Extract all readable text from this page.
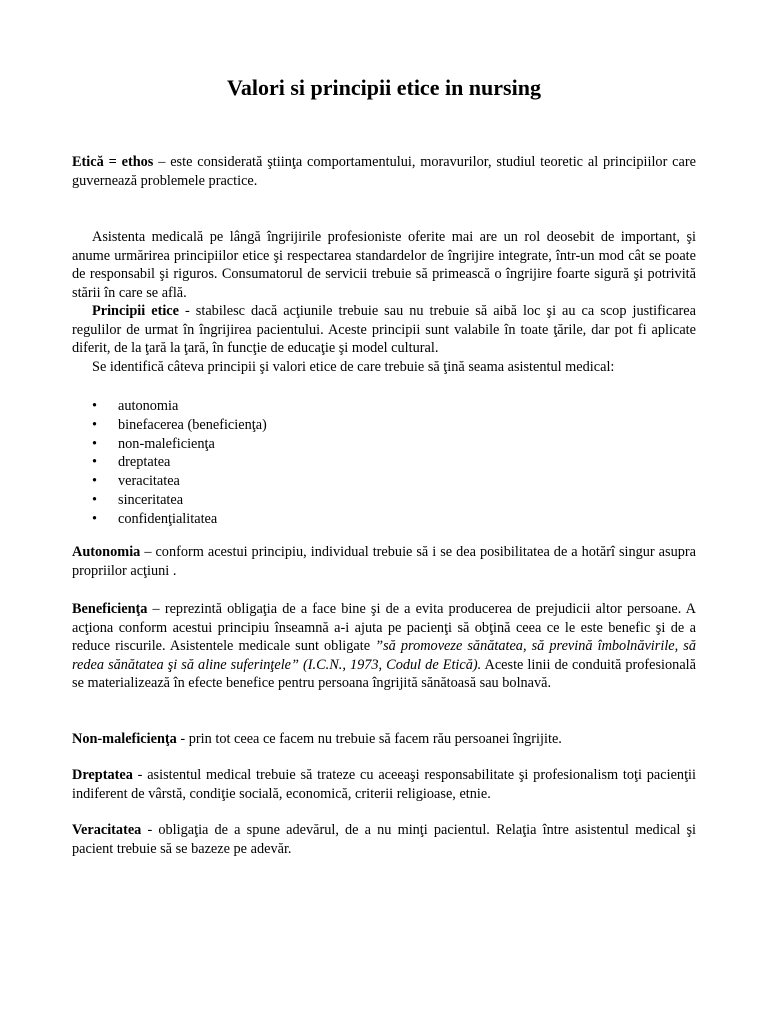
Valori si principii etice in nursing

Etică = ethos – este considerată ştiinţa comportamentului, moravurilor, studiul teoretic al principiilor care guvernează problemele practice.

Asistenta medicală pe lângă îngrijirile profesioniste oferite mai are un rol deosebit de important, şi anume urmărirea principiilor etice şi respectarea standardelor de îngrijire integrate, într-un mod cât se poate de responsabil şi riguros. Consumatorul de servicii trebuie să primească o îngrijire foarte sigură şi potrivită stării în care se află.

Principii etice - stabilesc dacă acţiunile trebuie sau nu trebuie să aibă loc şi au ca scop justificarea regulilor de urmat în îngrijirea pacientului. Aceste principii sunt valabile în toate ţările, dar pot fi aplicate diferit, de la ţară la ţară, în funcţie de educaţie şi model cultural.

Se identifică câteva principii şi valori etice de care trebuie să ţină seama asistentul medical:

• autonomia
• binefacerea (beneficienţa)
• non-maleficienţa
• dreptatea
• veracitatea
• sinceritatea
• confidenţialitatea

Autonomia – conform acestui principiu, individual trebuie să i se dea posibilitatea de a hotărî singur asupra propriilor acţiuni .

Beneficienţa – reprezintă obligaţia de a face bine şi de a evita producerea de prejudicii altor persoane. A acţiona conform acestui principiu înseamnă a-i ajuta pe pacienţi să obţină ceea ce le este benefic şi de a reduce riscurile. Asistentele medicale sunt obligate ”să promoveze sănătatea, să prevină îmbolnăvirile, să redea sănătatea şi să aline suferinţele” (I.C.N., 1973, Codul de Etică). Aceste linii de conduită profesională se materializează în efecte benefice pentru persoana îngrijită sănătoasă sau bolnavă.

Non-maleficienţa - prin tot ceea ce facem nu trebuie să facem rău persoanei îngrijite.

Dreptatea - asistentul medical trebuie să trateze cu aceeaşi responsabilitate şi profesionalism toţi pacienţii indiferent de vârstă, condiţie socială, economică, criterii religioase, etnie.

Veracitatea - obligaţia de a spune adevărul, de a nu minţi pacientul. Relaţia între asistentul medical şi pacient trebuie să se bazeze pe adevăr.
